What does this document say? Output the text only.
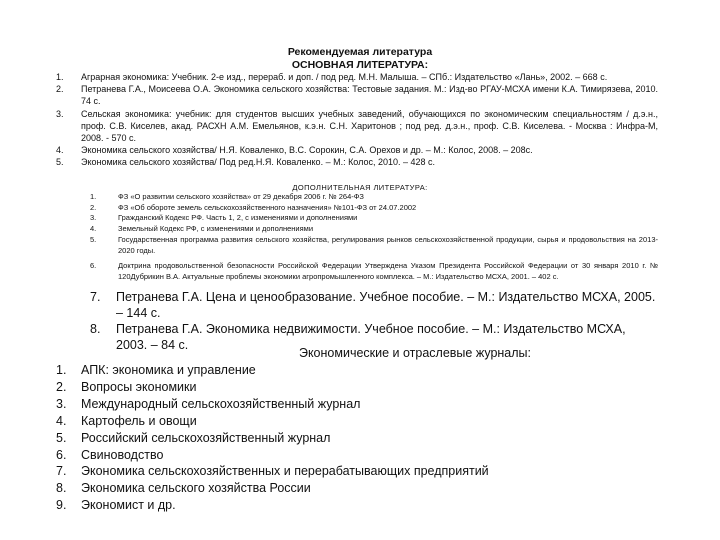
Рекомендуемая литература
ОСНОВНАЯ ЛИТЕРАТУРА:
1. Аграрная экономика: Учебник. 2-е изд., перераб. и доп. / под ред. М.Н. Малыша. – СПб.: Издательство «Лань», 2002. – 668 с.
2. Петранева Г.А., Моисеева О.А. Экономика сельского хозяйства: Тестовые задания. М.: Изд-во РГАУ-МСХА имени К.А. Тимирязева, 2010. 74 с.
3. Сельская экономика: учебник: для студентов высших учебных заведений, обучающихся по экономическим специальностям / д.э.н., проф. С.В. Киселев, акад. РАСХН А.М. Емельянов, к.э.н. С.Н. Харитонов ; под ред. д.э.н., проф. С.В. Киселева. - Москва : Инфра-М, 2008. - 570 с.
4. Экономика сельского хозяйства/ Н.Я. Коваленко, В.С. Сорокин, С.А. Орехов и др. – М.: Колос, 2008. – 208с.
5. Экономика сельского хозяйства/ Под ред.Н.Я. Коваленко. – М.: Колос, 2010. – 428 с.
ДОПОЛНИТЕЛЬНАЯ ЛИТЕРАТУРА:
1.	ФЗ «О развитии сельского хозяйства» от 29 декабря 2006 г. № 264-ФЗ
2.	ФЗ «Об обороте земель сельскохозяйственного назначения» №101-ФЗ от 24.07.2002
3.	Гражданский Кодекс РФ. Часть 1, 2, с изменениями и дополнениями
4.	Земельный Кодекс РФ, с изменениями и дополнениями
5.	Государственная программа развития сельского хозяйства, регулирования рынков сельскохозяйственной продукции, сырья и продовольствия на 2013-2020 годы.
6.	Доктрина продовольственной безопасности Российской Федерации Утверждена Указом Президента Российской Федерации от 30 января 2010 г. № 120Дубрикин В.А. Актуальные проблемы экономики агропромышленного комплекса. – М.: Издательство МСХА, 2001. – 402 с.
7. Петранева Г.А. Цена и ценообразование. Учебное пособие. – М.: Издательство МСХА, 2005. – 144 с.
8. Петранева Г.А. Экономика недвижимости. Учебное пособие. – М.: Издательство МСХА, 2003. – 84 с.
Экономические и отраслевые журналы:
1. АПК: экономика и управление
2. Вопросы экономики
3. Международный сельскохозяйственный журнал
4. Картофель и овощи
5. Российский сельскохозяйственный журнал
6. Свиноводство
7. Экономика сельскохозяйственных и перерабатывающих предприятий
8. Экономика сельского хозяйства России
9. Экономист и др.
